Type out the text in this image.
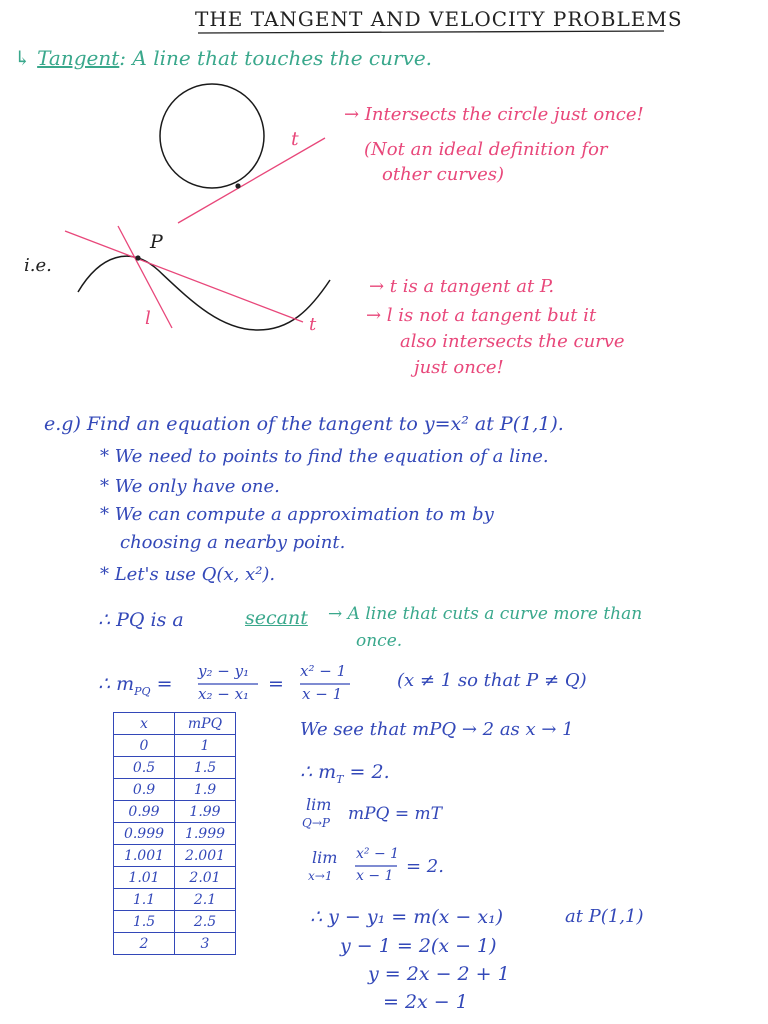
THE TANGENT AND VELOCITY PROBLEMS
↳ Tangent: A line that touches the curve.
t
→ Intersects the circle just once!
(Not an ideal definition for
other curves)
i.e.
P
l	t
→ t is a tangent at P.
→ l is not a tangent but it
also intersects the curve
just once!
e.g) Find an equation of the tangent to y=x² at P(1,1).
* We need to points to find the equation of a line.
* We only have one.
* We can compute a approximation to m by
choosing a nearby point.
* Let's use Q(x, x²).
∴ PQ is a	secant → A line that cuts a curve more than
once.
∴ $m_{PQ}$ =
y₂ − y₁
x₂ − x₁ =
x² − 1
x − 1
(x ≠ 1 so that P ≠ Q)
x	mPQ
0	1
0.5	1.5
0.9	1.9
0.99	1.99
0.999	1.999
1.001	2.001
1.01	2.01
1.1	2.1
1.5	2.5
2	3
We see that mPQ → 2 as x → 1
∴ $m_T = 2$.
lim
Q→P mPQ = mT
lim
x→1
x² − 1
x − 1 = 2.
∴ y − y₁ = m(x − x₁)	at P(1,1)
y − 1 = 2(x − 1)
y = 2x − 2 + 1
= 2x − 1
